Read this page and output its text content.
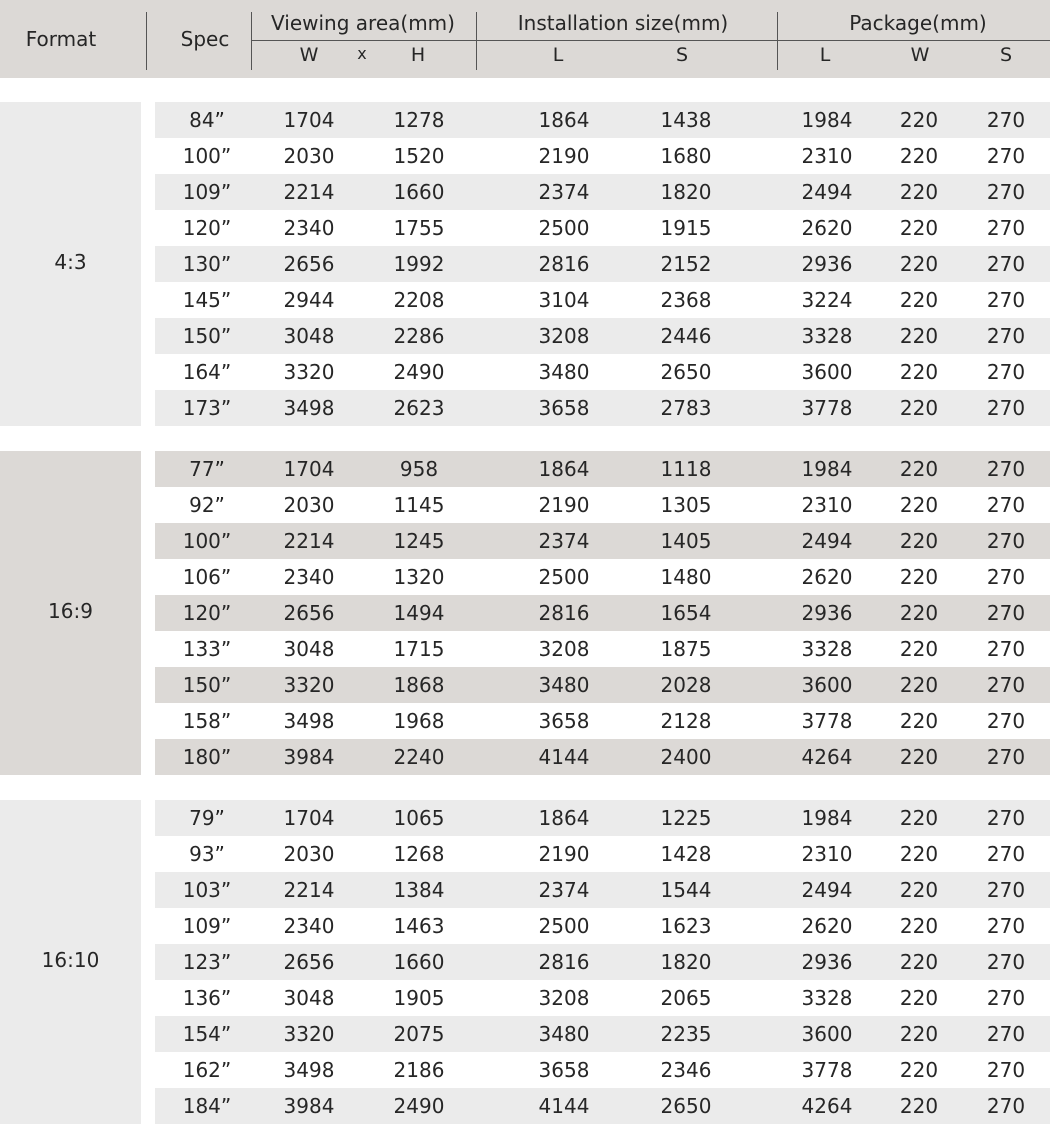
Format	Spec
Viewing area(mm)
W x H
Installation size(mm)
L	S
Package(mm)
L	W	S
4:3
84”	1704	1278	1864	1438	1984 220 270
100”	2030	1520	2190	1680	2310 220 270
109”	2214	1660	2374	1820	2494 220 270
120”	2340	1755	2500	1915	2620 220 270
130”	2656	1992	2816	2152	2936 220 270
145”	2944	2208	3104	2368	3224 220 270
150”	3048	2286	3208	2446	3328 220 270
164”	3320	2490	3480	2650	3600 220 270
173”	3498	2623	3658	2783	3778 220 270
16:9
77”	1704	958	1864	1118	1984 220 270
92”	2030	1145	2190	1305	2310 220 270
100”	2214	1245	2374	1405	2494 220 270
106”	2340	1320	2500	1480	2620 220 270
120”	2656	1494	2816	1654	2936 220 270
133”	3048	1715	3208	1875	3328 220 270
150”	3320	1868	3480	2028	3600 220 270
158”	3498	1968	3658	2128	3778 220 270
180”	3984	2240	4144	2400	4264 220 270
16:10
79”	1704	1065	1864	1225	1984 220 270
93”	2030	1268	2190	1428	2310 220 270
103”	2214	1384	2374	1544	2494 220 270
109”	2340	1463	2500	1623	2620 220 270
123”	2656	1660	2816	1820	2936 220 270
136”	3048	1905	3208	2065	3328 220 270
154”	3320	2075	3480	2235	3600 220 270
162”	3498	2186	3658	2346	3778 220 270
184”	3984	2490	4144	2650	4264 220 270
